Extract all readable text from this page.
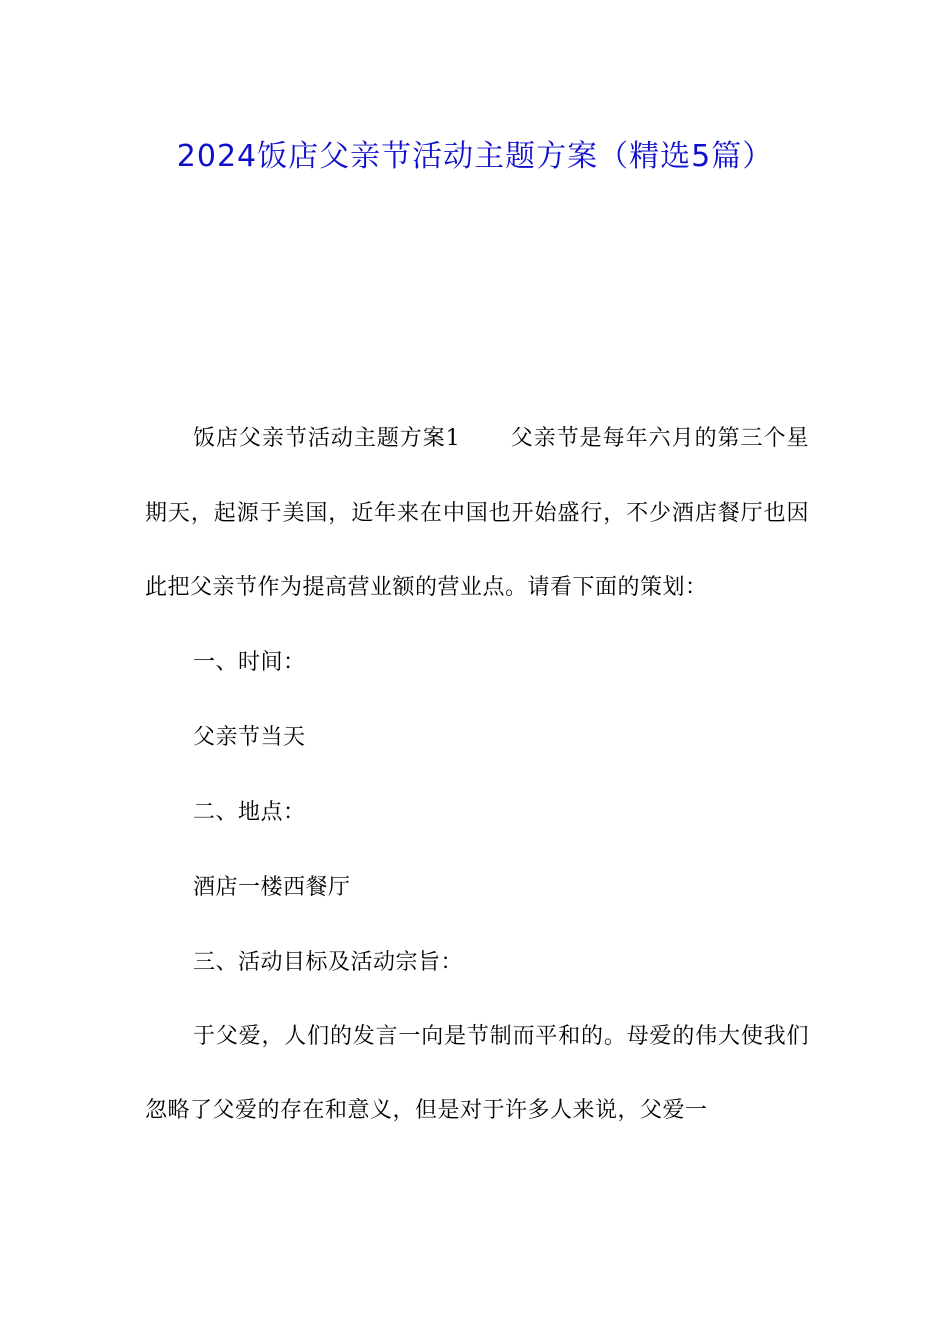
2024饭店父亲节活动主题方案（精选5篇）

饭店父亲节活动主题方案1 父亲节是每年六月的第三个星期天，起源于美国，近年来在中国也开始盛行，不少酒店餐厅也因此把父亲节作为提高营业额的营业点。请看下面的策划：

一、时间：

父亲节当天

二、地点：

酒店一楼西餐厅

三、活动目标及活动宗旨：

于父爱，人们的发言一向是节制而平和的。母爱的伟大使我们忽略了父爱的存在和意义，但是对于许多人来说，父爱一
